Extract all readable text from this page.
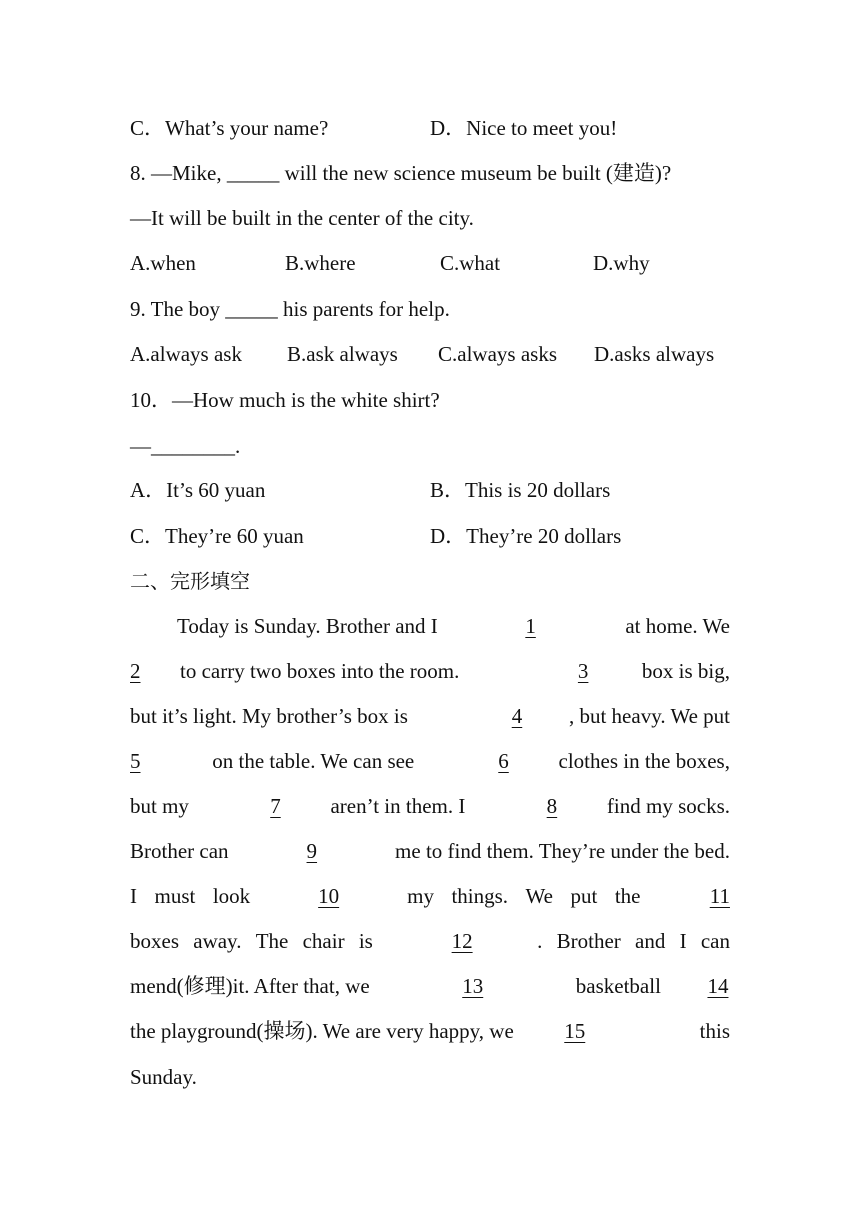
C．What’s your name?	D．Nice to meet you!
8. —Mike, _____ will the new science museum be built (建造)?
—It will be built in the center of the city.
A.when	B.where	C.what	D.why
9. The boy _____ his parents for help.
A.always ask B.ask always C.always asks D.asks always
10．—How much is the white shirt?
—________.
A．It’s 60 yuan	B．This is 20 dollars
C．They’re 60 yuan	D．They’re 20 dollars
二、完形填空
Today is Sunday. Brother and I	1	at home. We
2 to carry two boxes into the room.	3	box is big,
but it’s light. My brother’s box is	4 , but heavy. We put
5	on the table. We can see	6 clothes in the boxes,
but my	7 aren’t in them. I	8 find my socks.
Brother can	9	me to find them. They’re under the bed.
I must look	10	my things. We put the	11
boxes away. The chair is	12	. Brother and I can
mend(修理)it. After that, we	13	basketball 14
the playground(操场). We are very happy, we 15	this
Sunday.
